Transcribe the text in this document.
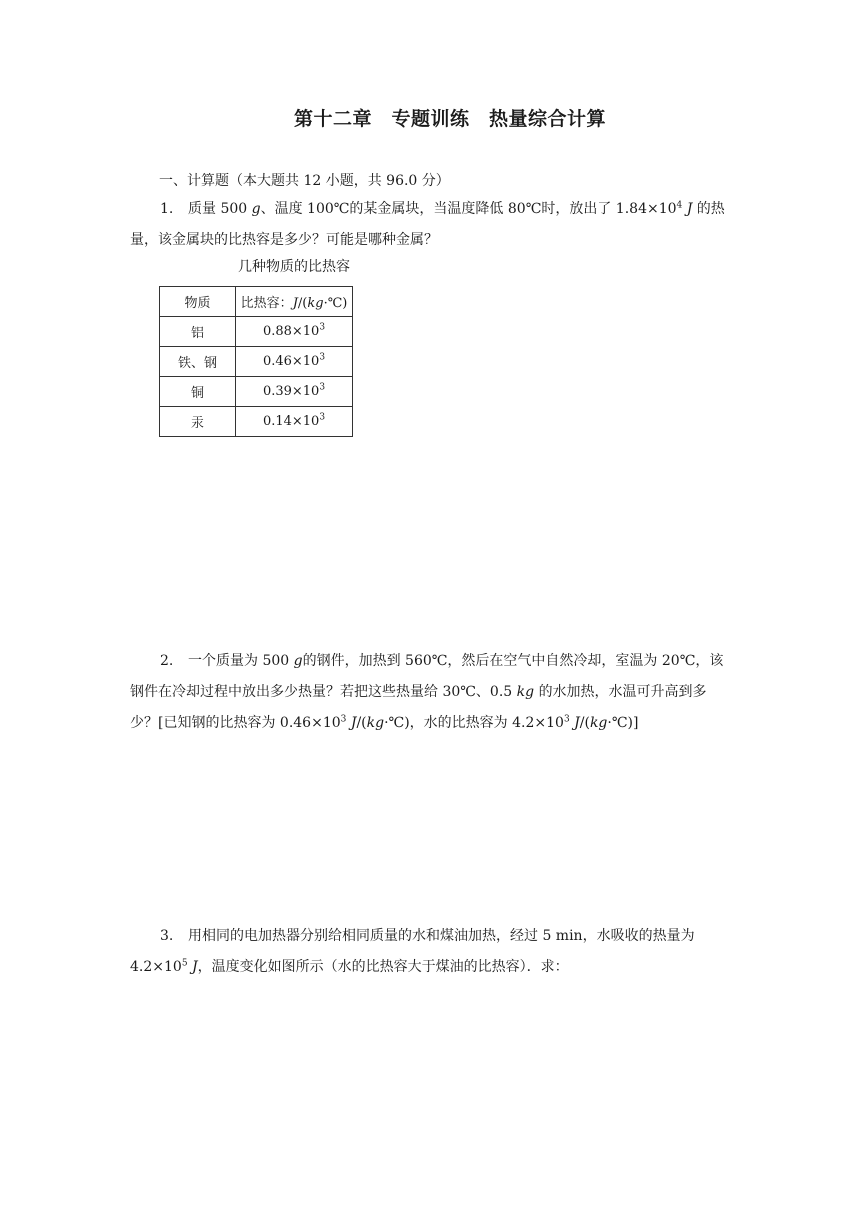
第十二章　专题训练　热量综合计算
一、计算题（本大题共 12 小题，共 96.0 分）
1. 质量 500 g、温度 100℃的某金属块，当温度降低 80℃时，放出了 $1.84\times 10^4$ J 的热量，该金属块的比热容是多少？可能是哪种金属？
几种物质的比热容
物质	比热容：J/(kg·℃)
铝	$0.88\times 10^3$
铁、钢	$0.46\times 10^3$
铜	$0.39\times 10^3$
汞	$0.14\times 10^3$
2. 一个质量为 500 g的钢件，加热到 560℃，然后在空气中自然冷却，室温为 20℃，该钢件在冷却过程中放出多少热量？若把这些热量给 30℃、0.5 kg 的水加热，水温可升高到多少？[已知钢的比热容为 $0.46\times 10^3$ J/(kg·℃)，水的比热容为 $4.2\times 10^3$ J/(kg·℃)]
3. 用相同的电加热器分别给相同质量的水和煤油加热，经过 5 min，水吸收的热量为 $4.2\times 10^5$ J，温度变化如图所示（水的比热容大于煤油的比热容）．求：
